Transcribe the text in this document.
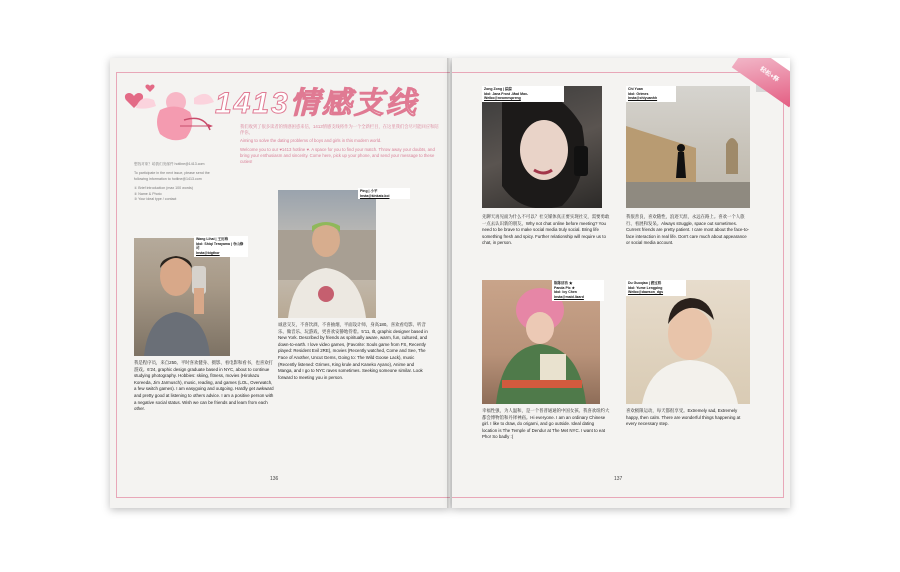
1413情感支线

我们收到了很多读者的情感困惑来信，1413情感支线将作为一个全新栏目，在这里我们会尽可能回应和陪伴你。

Aiming to solve the dating problems of boys and girls in this modern world.

Welcome you to our ♥1413 hotline ♥. A space for you to find your match. Throw away your doubts, and bring your enthusiasm and sincerity. Come here, pick up your phone, and send your message to these cuties!

想找对象？给我们发邮件 hotline@1413.com

To participate in the next issue, please send the following information to hotline@1413.com

① Brief introduction (max 100 words)
② Name & Photo
③ Your ideal type / contact

Wang Lihai | 王历海
Idol: Shiqi Terayama | 寺山修司
Insta@bigthor
我是程序员，来自250。平时喜欢健身、摄影、看电影和看书，也喜欢打游戏。6'24, graphic design graduate based in NYC, about to continue studying photography. Hobbies: skiing, fitness, movies (Hirokazu Koreeda, Jim Jarmusch), music, reading, and games (LOL, Overwatch, a few switch games). I am easygoing and outgoing. Hardly get awkward and pretty good at listening to others advice. I am a positive person with a negative social status. Wish we can be friends and learn from each other.
Ping | 小平
Insta@kinkatz.koi
诚意交友，不喜饮酒，不喜抽烟，平面设计师，身高180。喜欢看电影、听音乐、做音乐、玩游戏，更喜欢安静地待着。5'11, Ilt, graphic designer based in New York. Described by friends as spiritually aware, warm, fun, cultured, and down-to-earth. I love video games, (Favorite: Souls game from FS, Recently played: Resident Evil 2RE), movies (Recently watched, Come and See, The Face of Another, Uncut Gems, Going to: The Wild Goose Lack), music (Recently listened: Grimes, King krule and Kaneko Ayano), Anime and Manga, and I go to NYC raves sometimes. Seeking someone similar. Look forward to meeting you in person.
136
轻松+释
Zong Zong | 綜綜
Idol: Jana Frost -Mad Max-
Weibo@neomespreng
先聊天再见面为什么不可以？社交媒体真正要实现社交，需要勇敢一点去认识新的朋友。Why not chat online before meeting? You need to be brave to make social media truly social. Bring life something fresh and spicy. Further relationship will require us to chat, in person.
Chi Yuan
Idol: Grimes
Insta@chiyuanhh
我很善良，喜欢随性，浪迹天涯，永远在路上。喜欢一个人旅行、看展和发呆。Always struggle, space out sometimes. Current friends are pretty patient. I care most about the face-to-face interaction in real life. Don't care much about appearance or social media account.
陈陈洁洁 ★
Panda Pic ★
Idol: Icy Chen
Insta@maid.lizard
幸福性强，为人温和，是一个普普通通的中国女孩。我喜欢纽约大都会博物馆和丹铎神庙。Hi everyone. I am an ordinary Chinese girl. I like to draw, do origami, and go outside. Ideal dating location is The Temple of Dendur at The Met NYC. I want to eat Pho! So badly :(
Du Guoqiao | 渡过桥
Idol: Yume Lengping
Weibo@dawson_dgs
喜欢极限运动，每天都很享受。Extremely sad, Extremely happy, then calm. There are wonderful things happening at every necessary step.
137
